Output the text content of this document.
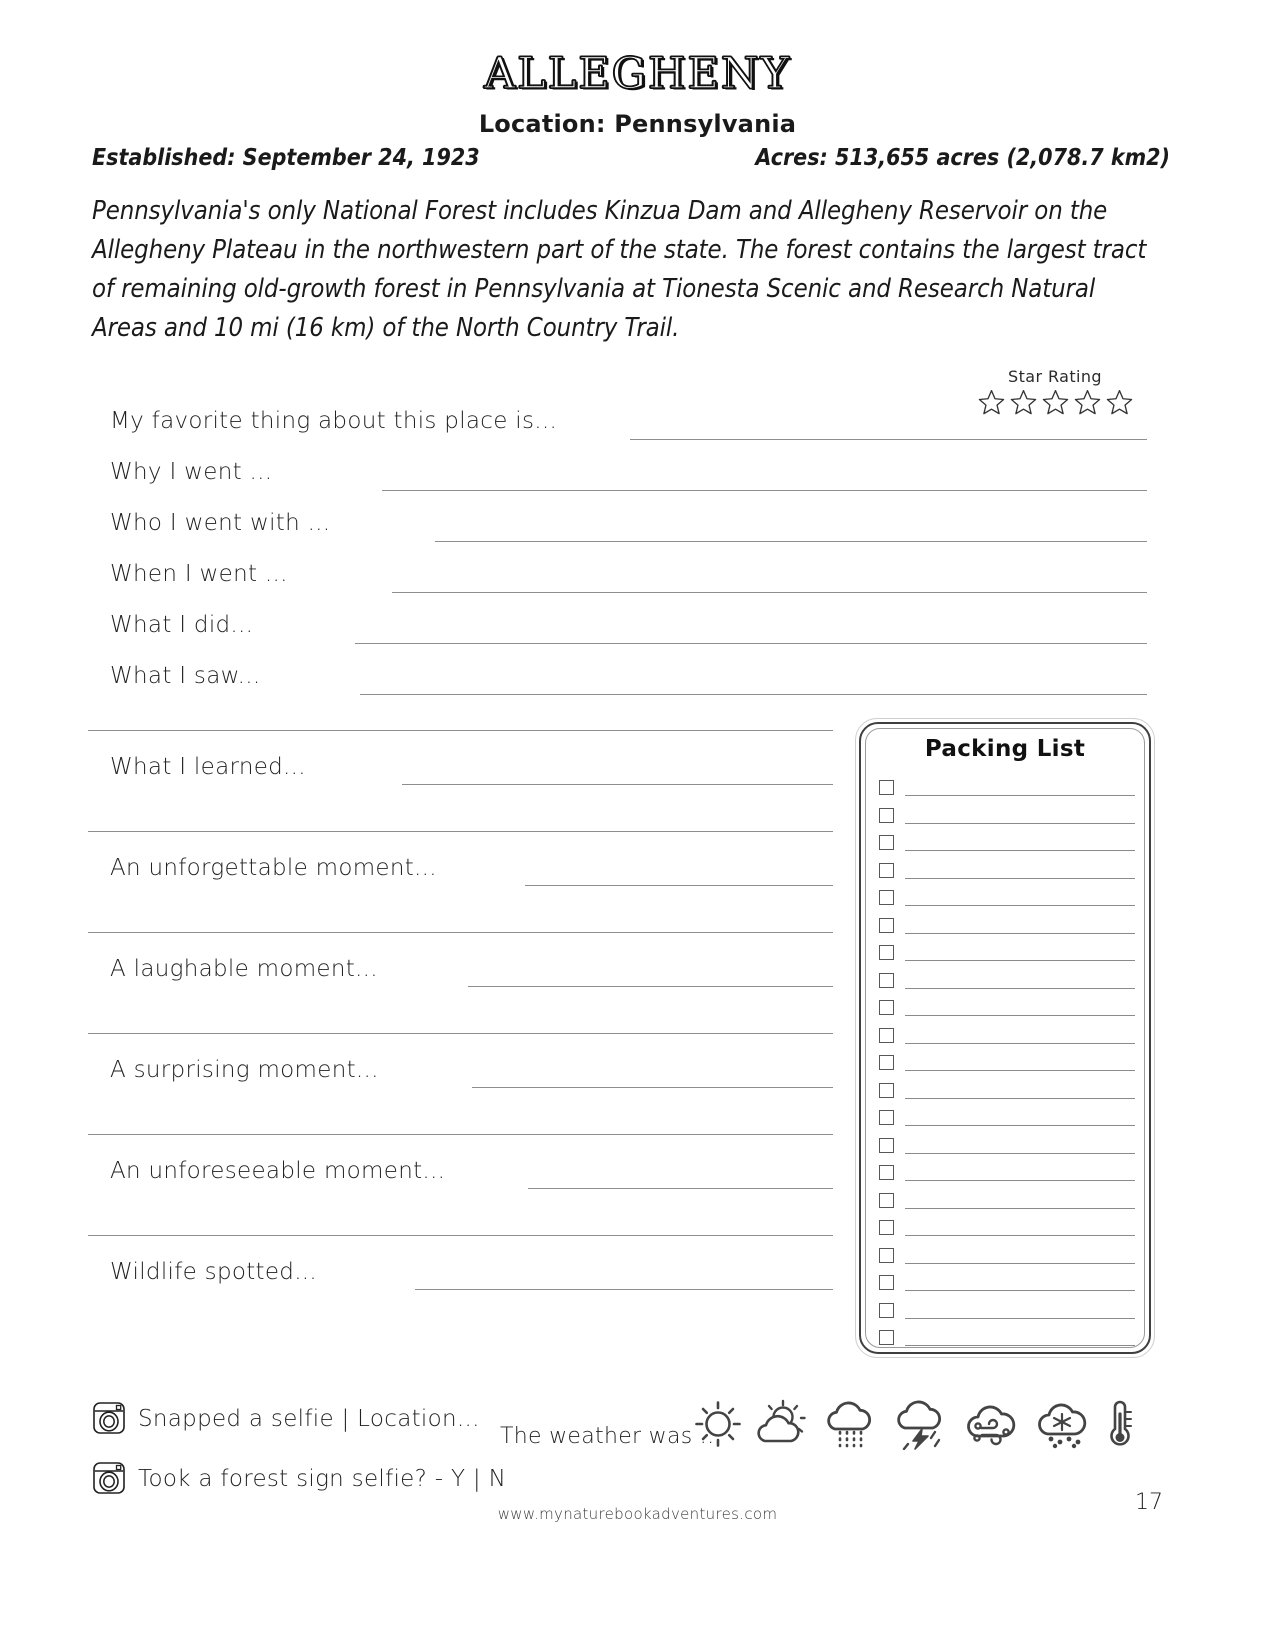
allegheny
Location: Pennsylvania
Established: September 24, 1923	Acres: 513,655 acres (2,078.7 km2)
Pennsylvania's only National Forest includes Kinzua Dam and Allegheny Reservoir on the Allegheny Plateau in the northwestern part of the state. The forest contains the largest tract of remaining old-growth forest in Pennsylvania at Tionesta Scenic and Research Natural Areas and 10 mi (16 km) of the North Country Trail.
Star Rating
My favorite thing about this place is...
Why I went ...
Who I went with ...
When I went ...
What I did...
What I saw...
What I learned...
An unforgettable moment...
A laughable moment...
A surprising moment...
An unforeseeable moment...
Wildlife spotted...
Packing List
Snapped a selfie | Location...
Took a forest sign selfie? - Y | N
The weather was ...
www.mynaturebookadventures.com	17
